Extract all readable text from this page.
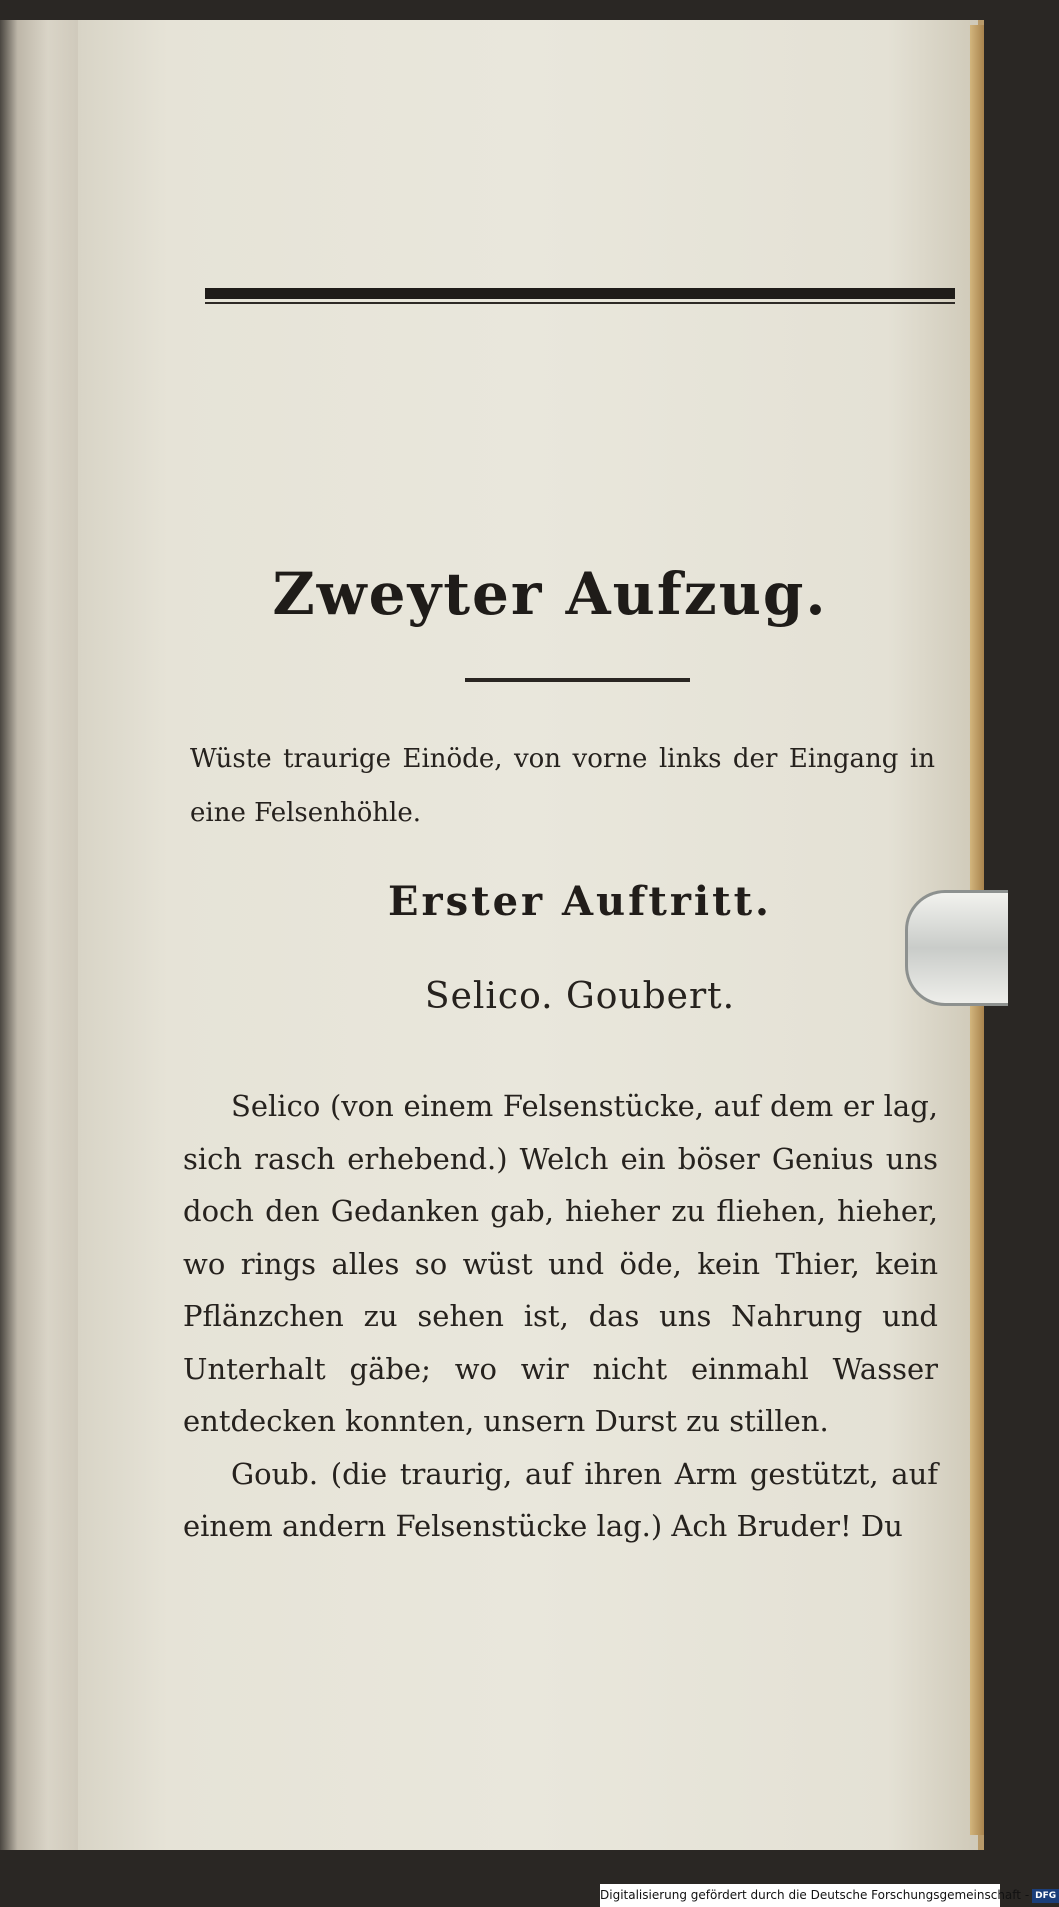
Zweyter Aufzug.
Wüste traurige Einöde, von vorne links der Eingang in eine Felsenhöhle.
Erster Auftritt.
Selico. Goubert.

Selico (von einem Felsenstücke, auf dem er lag, sich rasch erhebend.) Welch ein böser Genius uns doch den Gedanken gab, hieher zu fliehen, hieher, wo rings alles so wüst und öde, kein Thier, kein Pflänzchen zu sehen ist, das uns Nahrung und Unterhalt gäbe; wo wir nicht einmahl Wasser entdecken konnten, unsern Durst zu stillen.

Goub. (die traurig, auf ihren Arm gestützt, auf einem andern Felsenstücke lag.) Ach Bruder! Du

Digitalisierung gefördert durch die Deutsche Forschungsgemeinschaft - DFG
